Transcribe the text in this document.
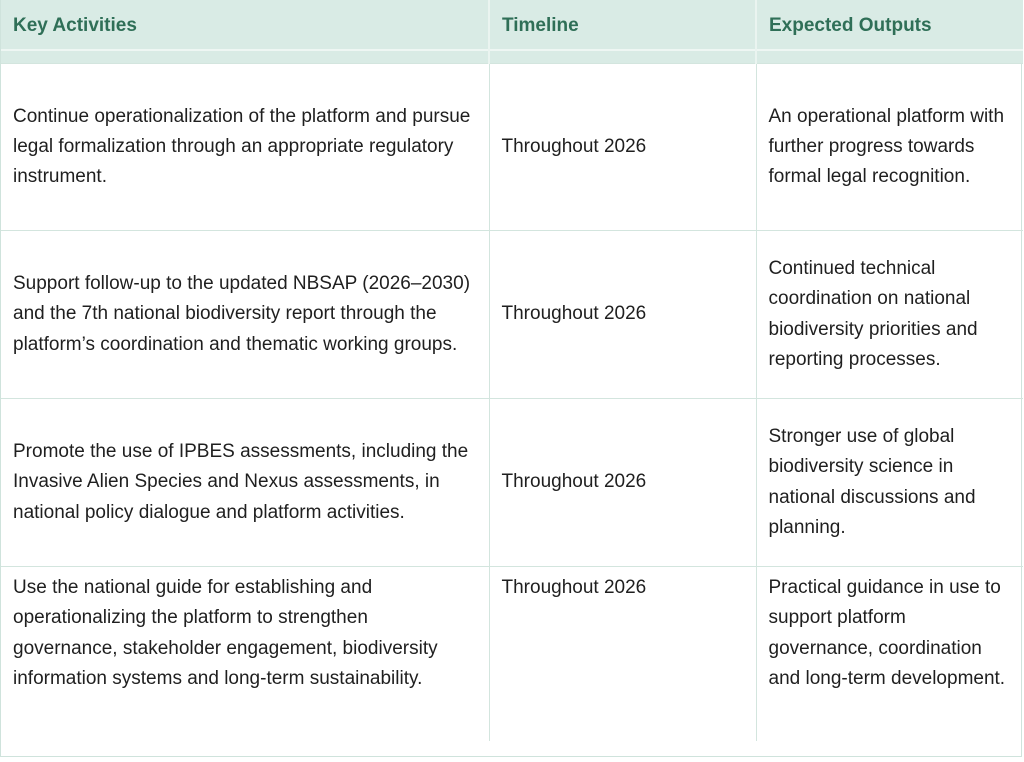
Key Activities	Timeline	Expected Outputs

Continue operationalization of the platform and pursue legal formalization through an appropriate regulatory instrument.	Throughout 2026	An operational platform with further progress towards formal legal recognition.

Support follow-up to the updated NBSAP (2026–2030) and the 7th national biodiversity report through the platform’s coordination and thematic working groups.	Throughout 2026	Continued technical coordination on national biodiversity priorities and reporting processes.

Promote the use of IPBES assessments, including the Invasive Alien Species and Nexus assessments, in national policy dialogue and platform activities.	Throughout 2026	Stronger use of global biodiversity science in national discussions and planning.

Use the national guide for establishing and operationalizing the platform to strengthen governance, stakeholder engagement, biodiversity information systems and long-term sustainability.	Throughout 2026	Practical guidance in use to support platform governance, coordination and long-term development.
